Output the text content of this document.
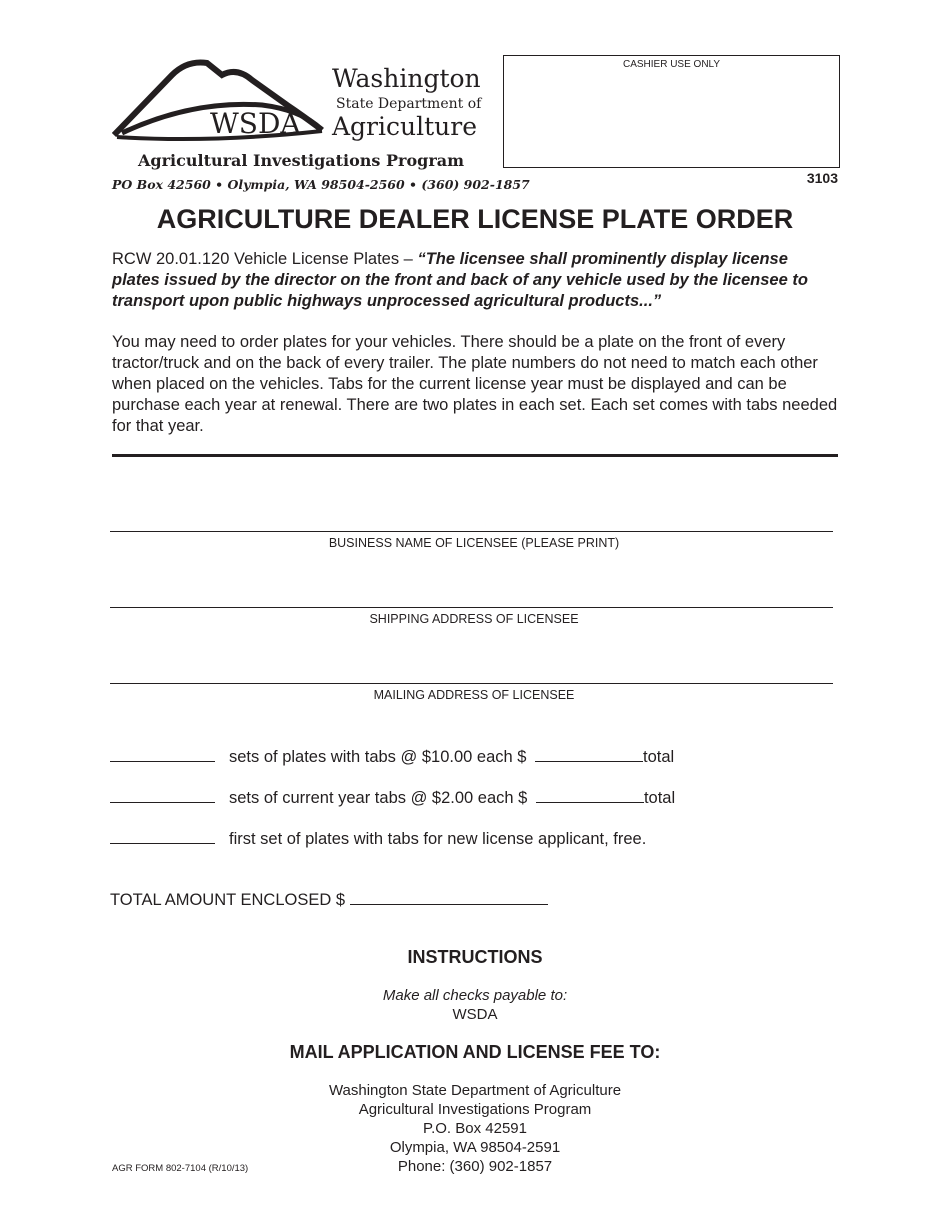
WSDA
Washington
State Department of
Agriculture
Agricultural Investigations Program
PO Box 42560 • Olympia, WA 98504-2560 • (360) 902-1857
CASHIER USE ONLY
3103
AGRICULTURE DEALER LICENSE PLATE ORDER
RCW 20.01.120 Vehicle License Plates – “The licensee shall prominently display license plates issued by the director on the front and back of any vehicle used by the licensee to transport upon public highways unprocessed agricultural products...”
You may need to order plates for your vehicles. There should be a plate on the front of every tractor/truck and on the back of every trailer. The plate numbers do not need to match each other when placed on the vehicles. Tabs for the current license year must be displayed and can be purchase each year at renewal. There are two plates in each set. Each set comes with tabs needed for that year.
BUSINESS NAME OF LICENSEE (PLEASE PRINT)
SHIPPING ADDRESS OF LICENSEE
MAILING ADDRESS OF LICENSEE
sets of plates with tabs @ $10.00 each $	total
sets of current year tabs @ $2.00 each $	total
first set of plates with tabs for new license applicant, free.
TOTAL AMOUNT ENCLOSED $
INSTRUCTIONS
Make all checks payable to:
WSDA
MAIL APPLICATION AND LICENSE FEE TO:
Washington State Department of Agriculture
Agricultural Investigations Program
P.O. Box 42591
Olympia, WA 98504-2591
Phone: (360) 902-1857
AGR FORM 802-7104 (R/10/13)
